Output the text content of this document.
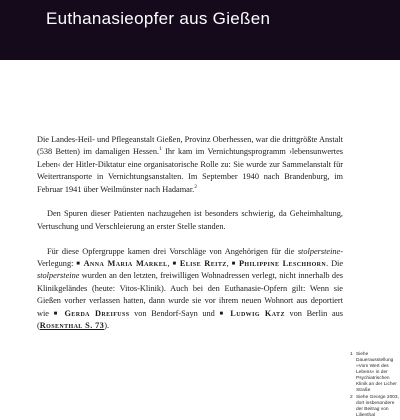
Euthanasieopfer aus Gießen

Die Landes-Heil- und Pflegeanstalt Gießen, Provinz Oberhessen, war die drittgrößte Anstalt (538 Betten) im damaligen Hessen.$^1$ Ihr kam im Vernichtungsprogramm ›lebensunwertes Leben‹ der Hitler-Diktatur eine organisatorische Rolle zu: Sie wurde zur Sammelanstalt für Weitertransporte in Vernichtungsanstalten. Im September 1940 nach Brandenburg, im Februar 1941 über Weilmünster nach Hadamar.$^2$

Den Spuren dieser Patienten nachzugehen ist besonders schwierig, da Geheimhaltung, Vertuschung und Verschleierung an erster Stelle standen.

Für diese Opfergruppe kamen drei Vorschläge von Angehörigen für die stolpersteine-Verlegung: ■ Anna Maria Markel, ■ Elise Reitz, ■ Philippine Leschhorn. Die stolpersteine wurden an den letzten, freiwilligen Wohnadressen verlegt, nicht innerhalb des Klinikgeländes (heute: Vitos-Klinik). Auch bei den Euthanasie-Opfern gilt: Wenn sie Gießen vorher verlassen hatten, dann wurde sie vor ihrem neuen Wohnort aus deportiert wie ■ Gerda Dreifuss von Bendorf-Sayn und ■ Ludwig Katz von Berlin aus (Rosenthal S. 73).

1 Siehe Dauerausstellung »Vom Wert des Lebens« in der Psychiatrischen Klinik an der Licher Straße
2 Siehe George 2003, dort insbesondere der Beitrag von Lilienthal
